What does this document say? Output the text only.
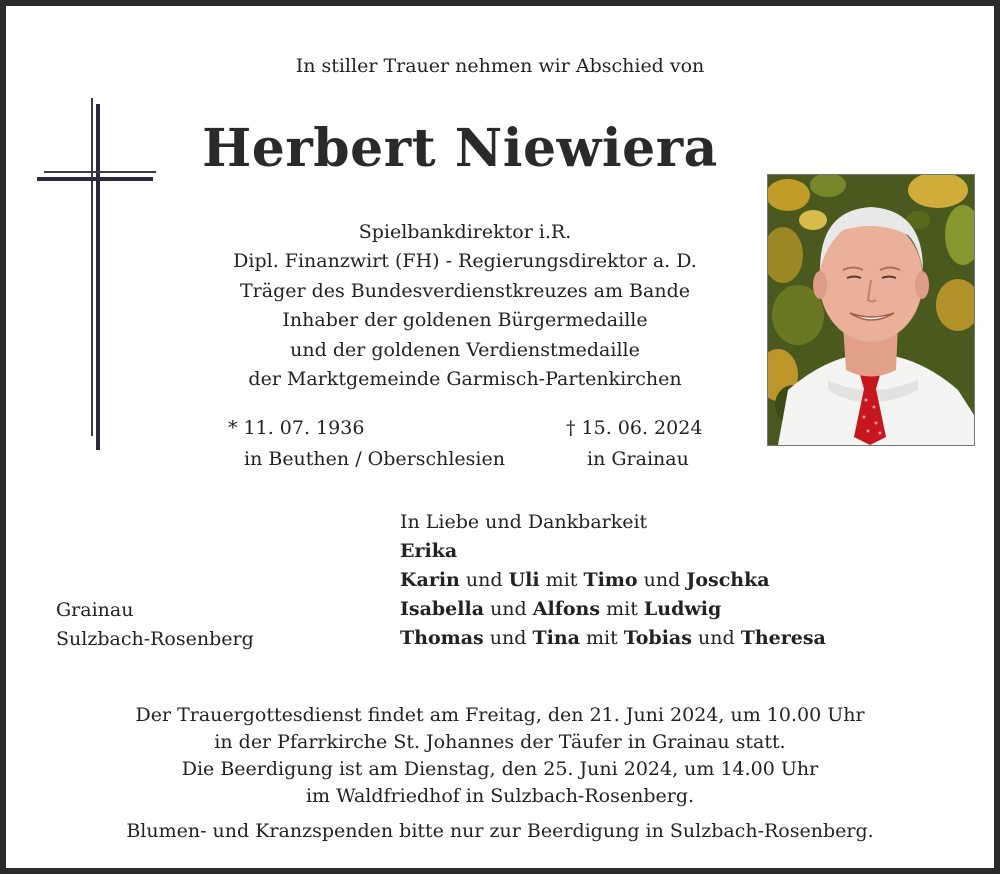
In stiller Trauer nehmen wir Abschied von
Herbert Niewiera
Spielbankdirektor i.R.
Dipl. Finanzwirt (FH) - Regierungsdirektor a. D.
Träger des Bundesverdienstkreuzes am Bande
Inhaber der goldenen Bürgermedaille
und der goldenen Verdienstmedaille
der Marktgemeinde Garmisch-Partenkirchen
* 11. 07. 1936
in Beuthen / Oberschlesien
† 15. 06. 2024
in Grainau
In Liebe und Dankbarkeit
Erika
Karin und Uli mit Timo und Joschka
Isabella und Alfons mit Ludwig
Thomas und Tina mit Tobias und Theresa
Grainau
Sulzbach-Rosenberg
Der Trauergottesdienst findet am Freitag, den 21. Juni 2024, um 10.00 Uhr
in der Pfarrkirche St. Johannes der Täufer in Grainau statt.
Die Beerdigung ist am Dienstag, den 25. Juni 2024, um 14.00 Uhr
im Waldfriedhof in Sulzbach-Rosenberg.
Blumen- und Kranzspenden bitte nur zur Beerdigung in Sulzbach-Rosenberg.
